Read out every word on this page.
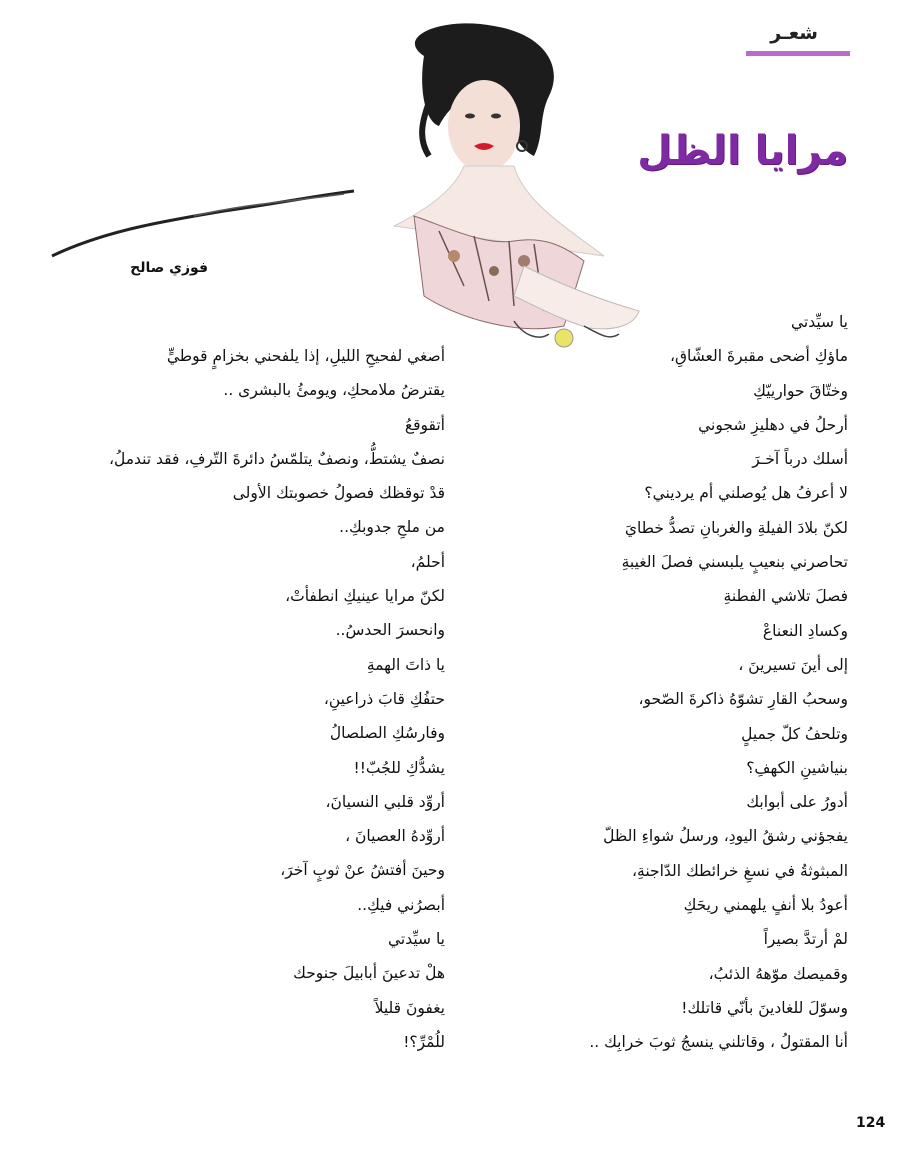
شعـر
مرايا الظل
فوزي صالح
يا سيِّدتي
ماؤكِ أضحى مقبرةَ العشّاقِ،
وختّاقَ حوارييّكِ
أرحلُ في دهليزِ شجوني
أسلك درباً آخـرَ
لا أعرفُ هل يُوصلني أم يرديني؟
لكنّ بلادَ الفيلةِ والغربانِ تصدُّ خطايَ
تحاصرني بنعيبٍ يلبسني فصلَ الغيبةِ
فصلَ تلاشي الفطنةِ
وكسادِ النعناعْ
إلى أينَ تسيرينَ ،
وسحبُ القارِ تشوّهُ ذاكرةَ الصّحو،
وتلحفُ كلّ جميلٍ
بنياشينِ الكهفِ؟
أدورُ على أبوابك
يفجؤني رشقُ اليودِ، ورسلُ شواءِ الظلّ
المبثوثةُ في نسغِ خرائطك الدّاجنةِ،
أعودُ بلا أنفٍ يلهمني ريحَكِ
لمْ أرتدَّ بصيراً
وقميصك موّههُ الذئبُ،
وسوّلَ للغادينَ بأنّي قاتلك!
أنا المقتولُ ، وقاتلني ينسجُ ثوبَ خرابِك ..
أصغي لفحيحِ الليلِ، إذا يلفحني بخزامٍ قوطيٍّ
يقترضُ ملامحكِ، ويومئُ بالبشرى ..
أتقوقعُ
نصفٌ يشتطُّ، ونصفٌ يتلمّسُ دائرةَ التّرفِ، فقد تندملُ،
قدْ توقظك فصولُ خصوبتك الأولى
من ملحِ جدوبكِ..
أحلمُ،
لكنّ مرايا عينيكِ انطفأتْ،
وانحسرَ الحدسُ..
يا ذاتَ الهمةِ
حتفُكِ قابَ ذراعينِ،
وفارسُكِ الصلصالُ
يشدُّكِ للجُبّ!!
أروِّد قلبي النسيانَ،
أروِّدهُ العصيانَ ،
وحينَ أفتشُ عنْ ثوبٍ آخرَ،
أبصرُني فيكِ..
يا سيِّدتي
هلْ تدعينَ أبابيلَ جنوحك
يغفونَ قليلاً
للُمْرِّ؟!
124
